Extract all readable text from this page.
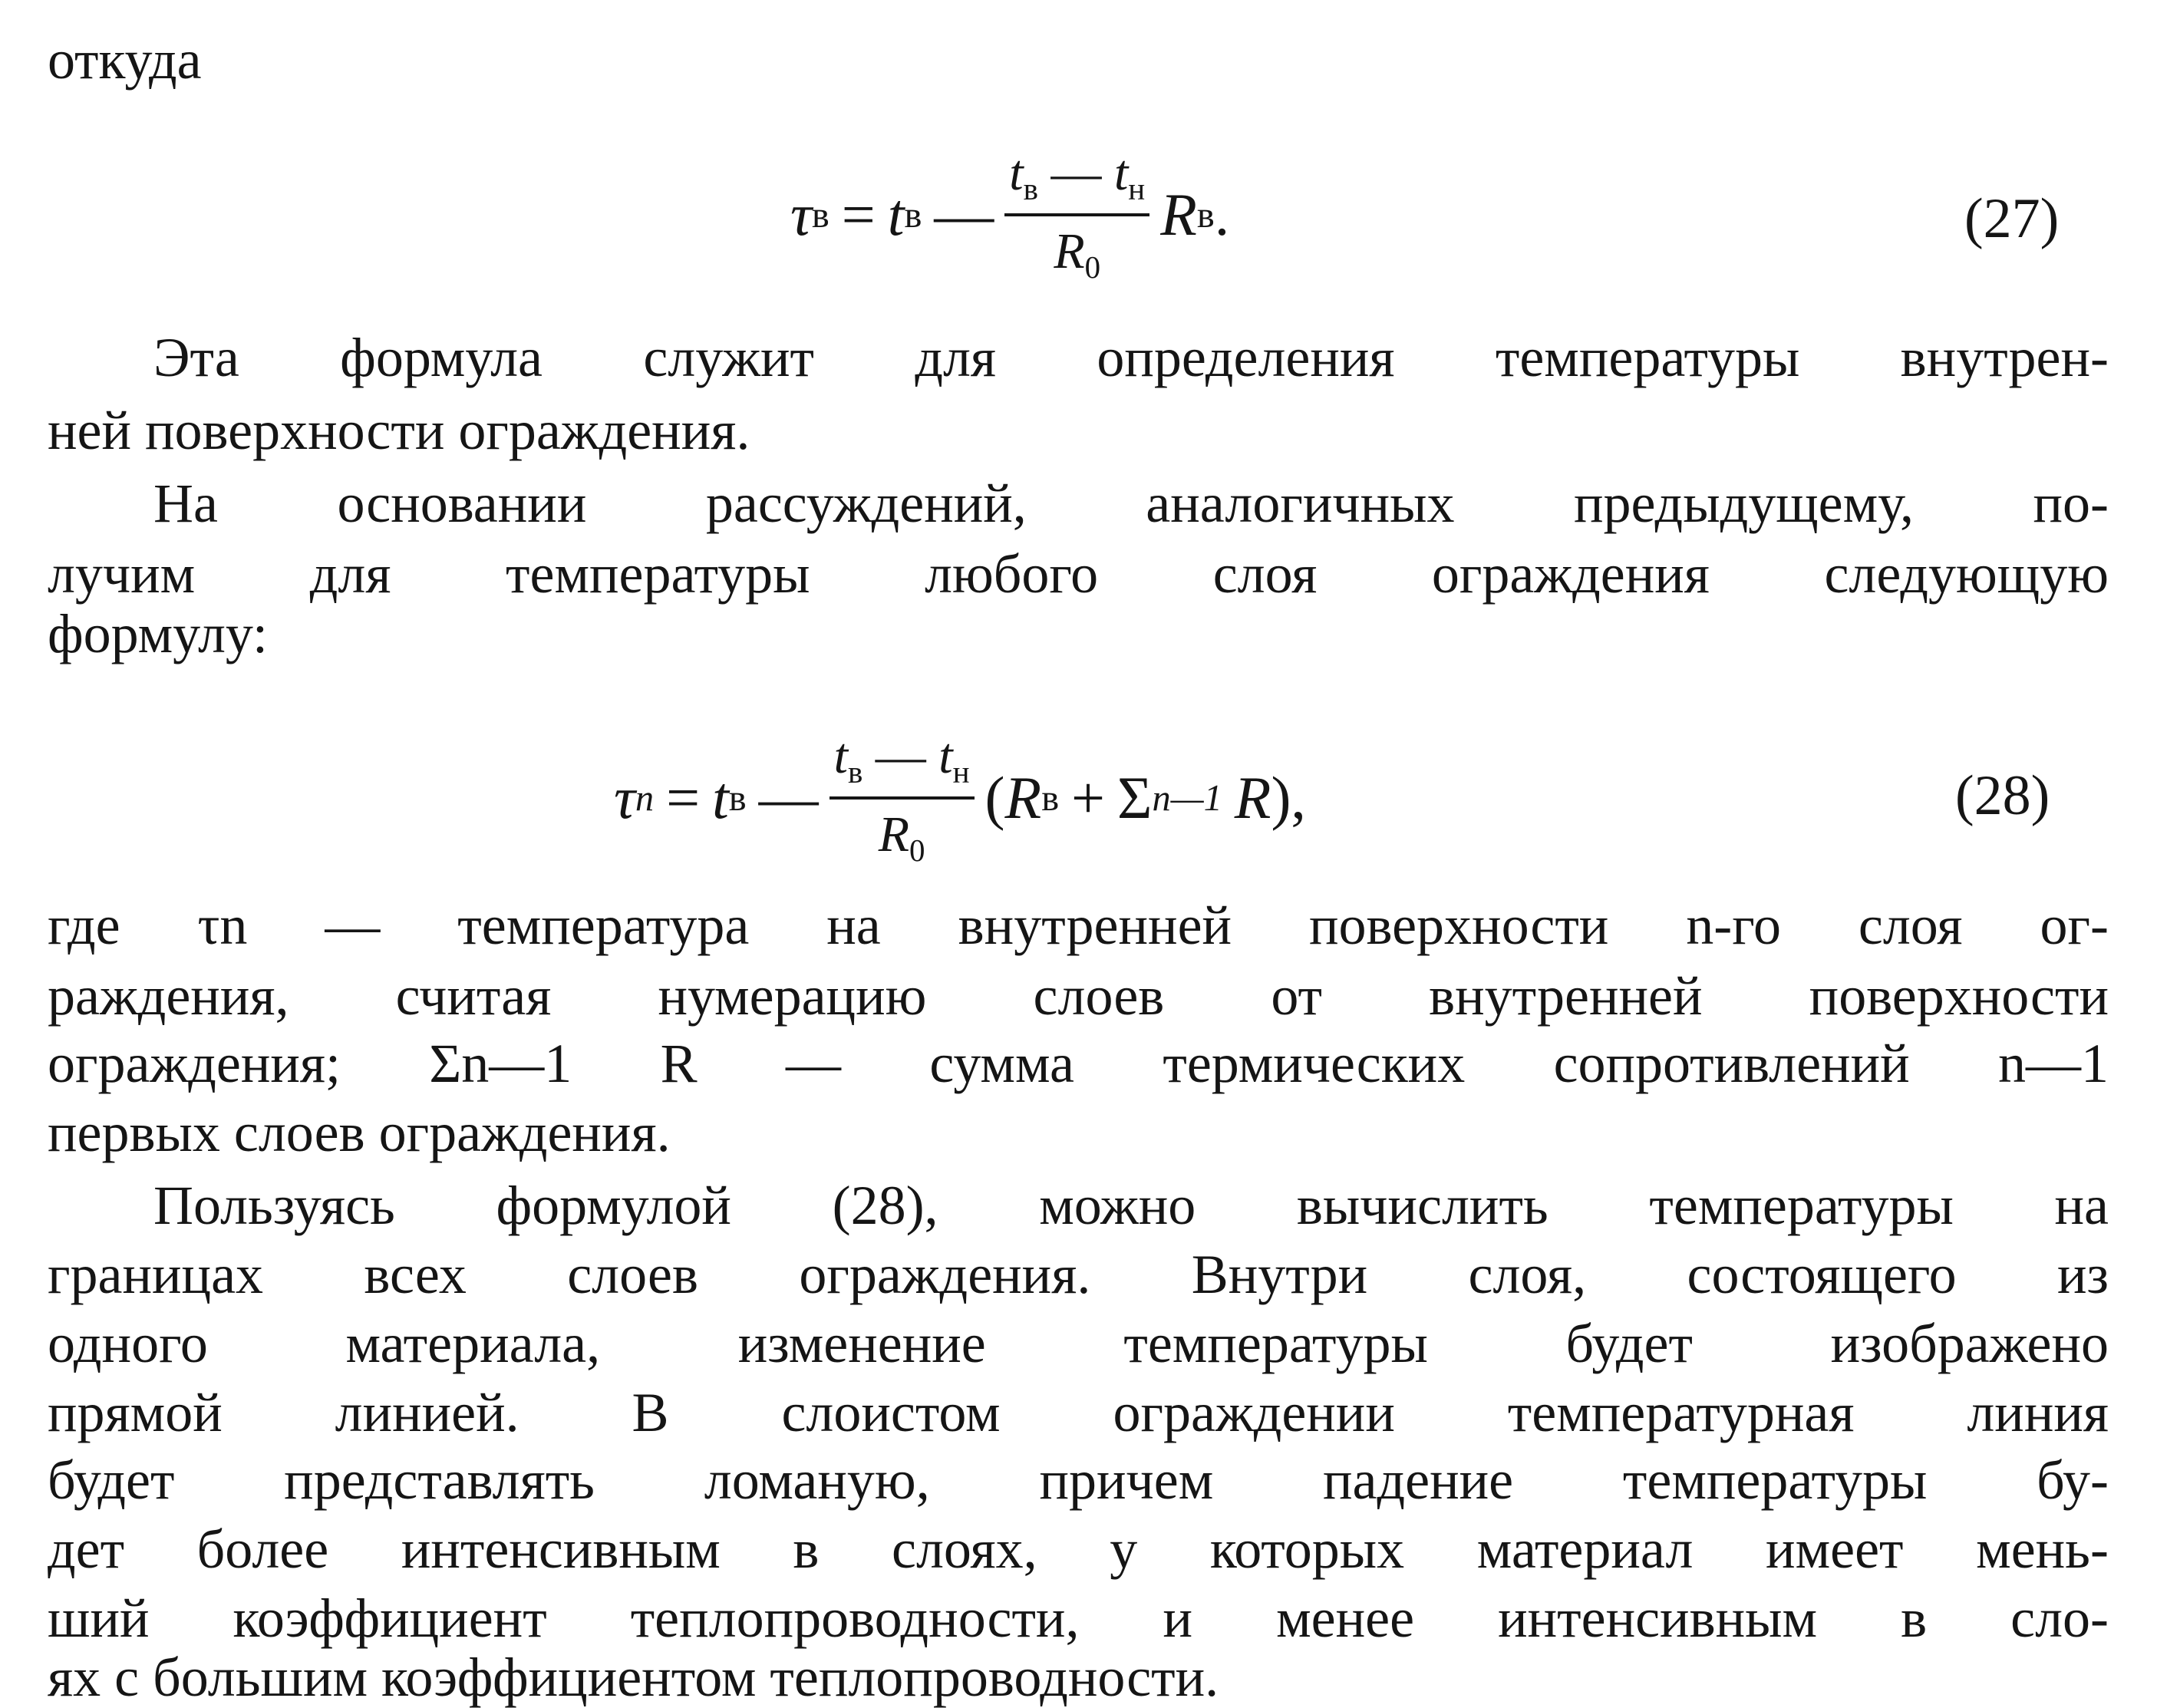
откуда
τ в = t в — $\frac{t_в — t_н}{R_0}$ R в .	(27)
Эта формула служит для определения температуры внутрен-
ней поверхности ограждения.
На основании рассуждений, аналогичных предыдущему, по-
лучим для температуры любого слоя ограждения следующую
формулу:
τ n = t в — $\frac{t_в — t_н}{R_0}$ ( R в + Σ n—1 R ),	(28)
где τn — температура на внутренней поверхности n-го слоя ог-
раждения, считая нумерацию слоев от внутренней поверхности
ограждения; Σn—1 R — сумма термических сопротивлений n—1
первых слоев ограждения.
Пользуясь формулой (28), можно вычислить температуры на
границах всех слоев ограждения. Внутри слоя, состоящего из
одного материала, изменение температуры будет изображено
прямой линией. В слоистом ограждении температурная линия
будет представлять ломаную, причем падение температуры бу-
дет более интенсивным в слоях, у которых материал имеет мень-
ший коэффициент теплопроводности, и менее интенсивным в сло-
ях с большим коэффициентом теплопроводности.
